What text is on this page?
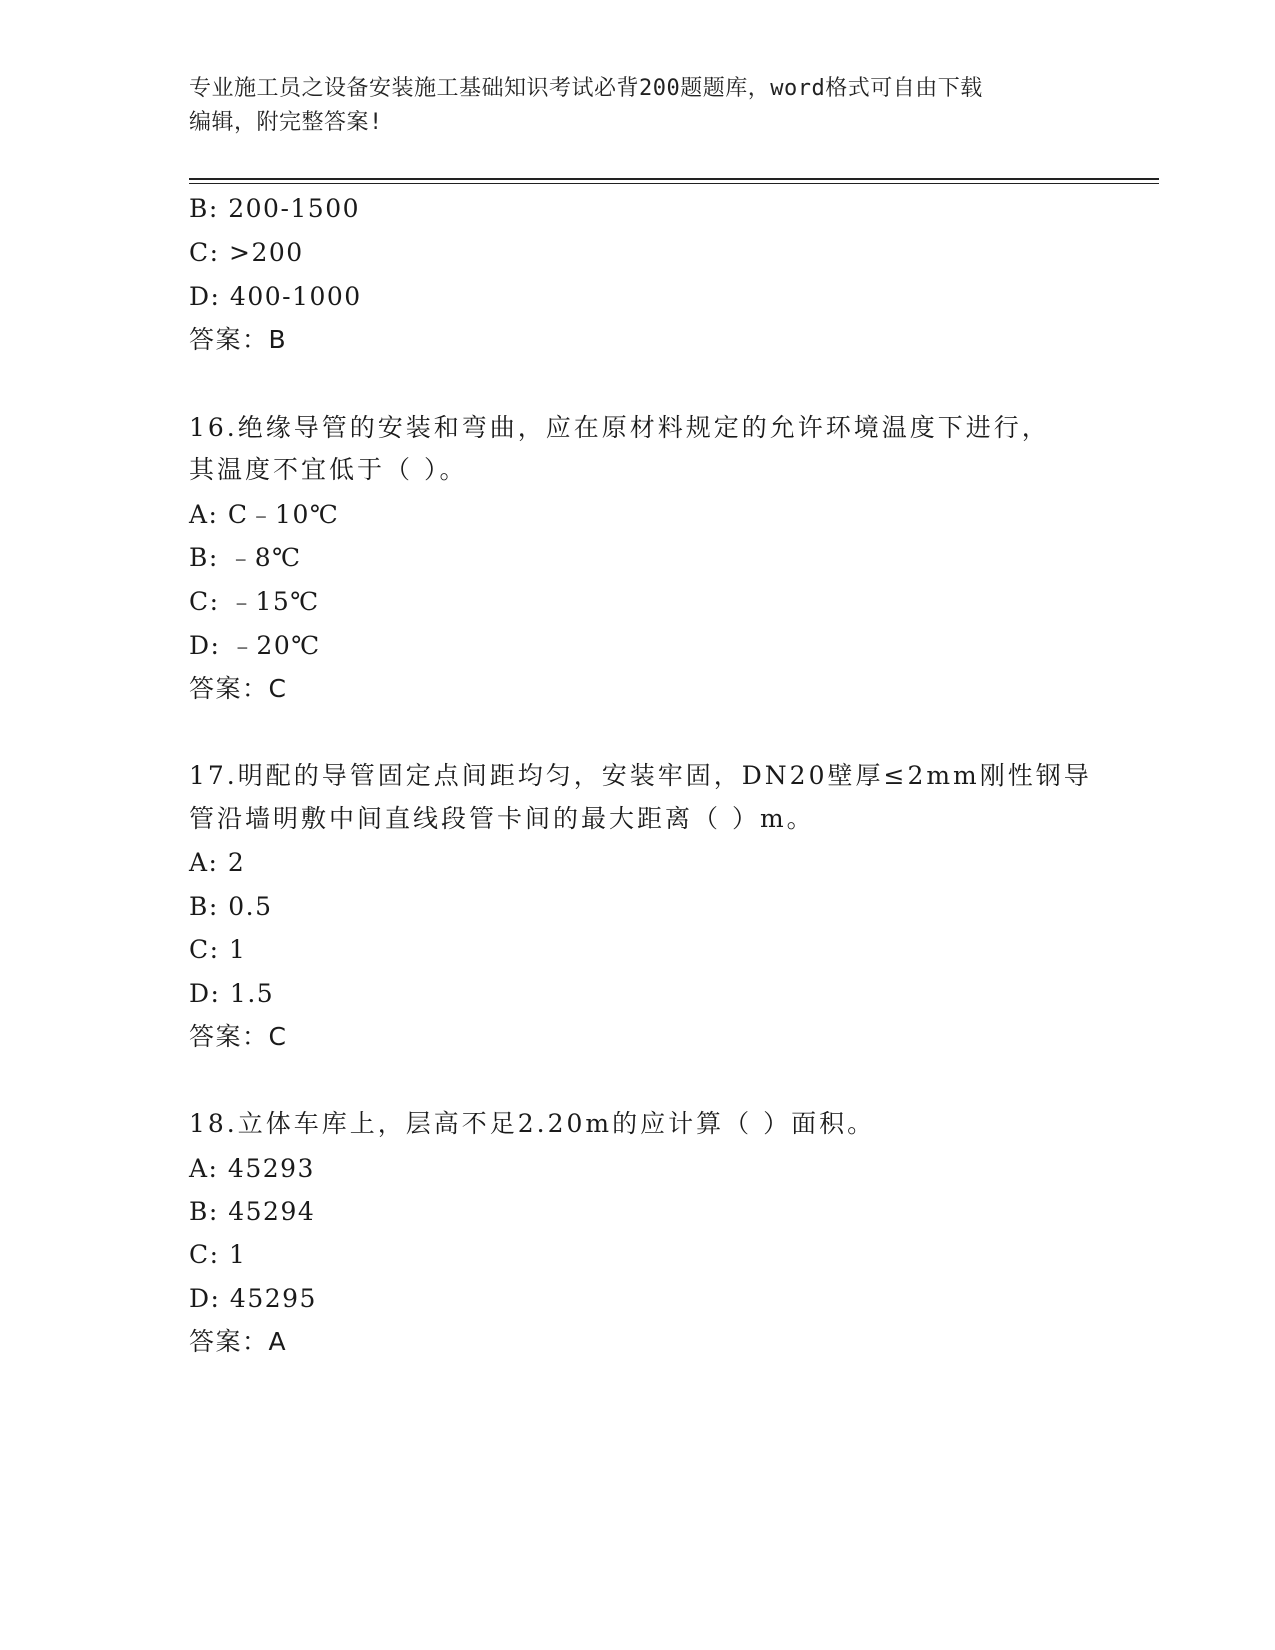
专业施工员之设备安装施工基础知识考试必背200题题库，word格式可自由下载
编辑，附完整答案!
B: 200-1500
C: >200
D: 400-1000
答案：B
16.绝缘导管的安装和弯曲，应在原材料规定的允许环境温度下进行，
其温度不宜低于（ ）。
A: C﹣10℃
B: ﹣8℃
C: ﹣15℃
D: ﹣20℃
答案：C
17.明配的导管固定点间距均匀，安装牢固，DN20壁厚≤2mm刚性钢导
管沿墙明敷中间直线段管卡间的最大距离（ ）m。
A: 2
B: 0.5
C: 1
D: 1.5
答案：C
18.立体车库上，层高不足2.20m的应计算（ ）面积。
A: 45293
B: 45294
C: 1
D: 45295
答案：A
